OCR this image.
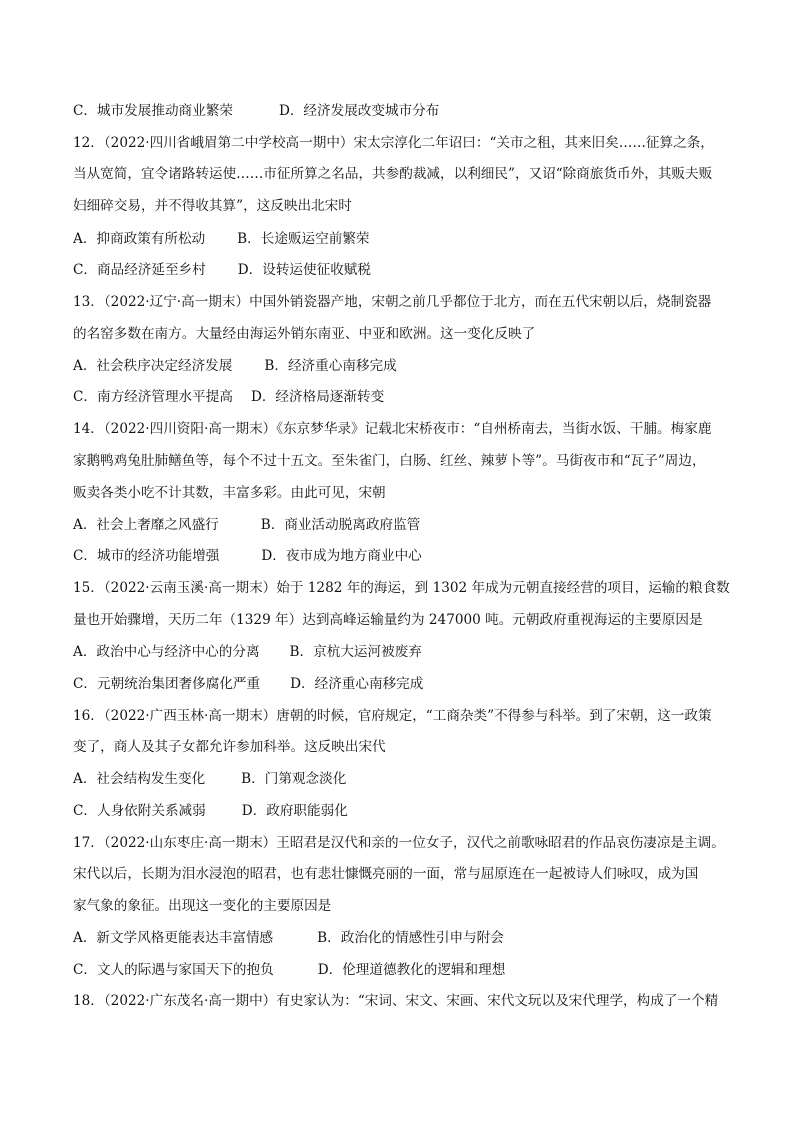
C．城市发展推动商业繁荣	D．经济发展改变城市分布
12．（2022·四川省峨眉第二中学校高一期中）宋太宗淳化二年诏曰：“关市之租，其来旧矣……征算之条，
当从宽简，宜令诸路转运使……市征所算之名品，共参酌裁减，以利细民”，又诏“除商旅货币外，其贩夫贩
妇细碎交易，并不得收其算”，这反映出北宋时
A．抑商政策有所松动 B．长途贩运空前繁荣
C．商品经济延至乡村 D．设转运使征收赋税
13．（2022·辽宁·高一期末）中国外销瓷器产地，宋朝之前几乎都位于北方，而在五代宋朝以后，烧制瓷器
的名窑多数在南方。大量经由海运外销东南亚、中亚和欧洲。这一变化反映了
A．社会秩序决定经济发展 B．经济重心南移完成
C．南方经济管理水平提高 D．经济格局逐渐转变
14．（2022·四川资阳·高一期末）《东京梦华录》记载北宋桥夜市：“自州桥南去，当街水饭、干脯。梅家鹿
家鹅鸭鸡兔肚肺鳝鱼等，每个不过十五文。至朱雀门，白肠、红丝、辣萝卜等”。马街夜市和“瓦子”周边，
贩卖各类小吃不计其数，丰富多彩。由此可见，宋朝
A．社会上奢靡之风盛行	B．商业活动脱离政府监管
C．城市的经济功能增强	D．夜市成为地方商业中心
15．（2022·云南玉溪·高一期末）始于 1282 年的海运，到 1302 年成为元朝直接经营的项目，运输的粮食数
量也开始骤增，天历二年（1329 年）达到高峰运输量约为 247000 吨。元朝政府重视海运的主要原因是
A．政治中心与经济中心的分离 B．京杭大运河被废弃
C．元朝统治集团奢侈腐化严重 D．经济重心南移完成
16．（2022·广西玉林·高一期末）唐朝的时候，官府规定，“工商杂类”不得参与科举。到了宋朝，这一政策
变了，商人及其子女都允许参加科举。这反映出宋代
A．社会结构发生变化	B．门第观念淡化
C．人身依附关系减弱	D．政府职能弱化
17．（2022·山东枣庄·高一期末）王昭君是汉代和亲的一位女子，汉代之前歌咏昭君的作品哀伤凄凉是主调。
宋代以后，长期为泪水浸泡的昭君，也有悲壮慷慨亮丽的一面，常与屈原连在一起被诗人们咏叹，成为国
家气象的象征。出现这一变化的主要原因是
A．新文学风格更能表达丰富情感	B．政治化的情感性引申与附会
C．文人的际遇与家国天下的抱负	D．伦理道德教化的逻辑和理想
18．（2022·广东茂名·高一期中）有史家认为：“宋词、宋文、宋画、宋代文玩以及宋代理学，构成了一个精
